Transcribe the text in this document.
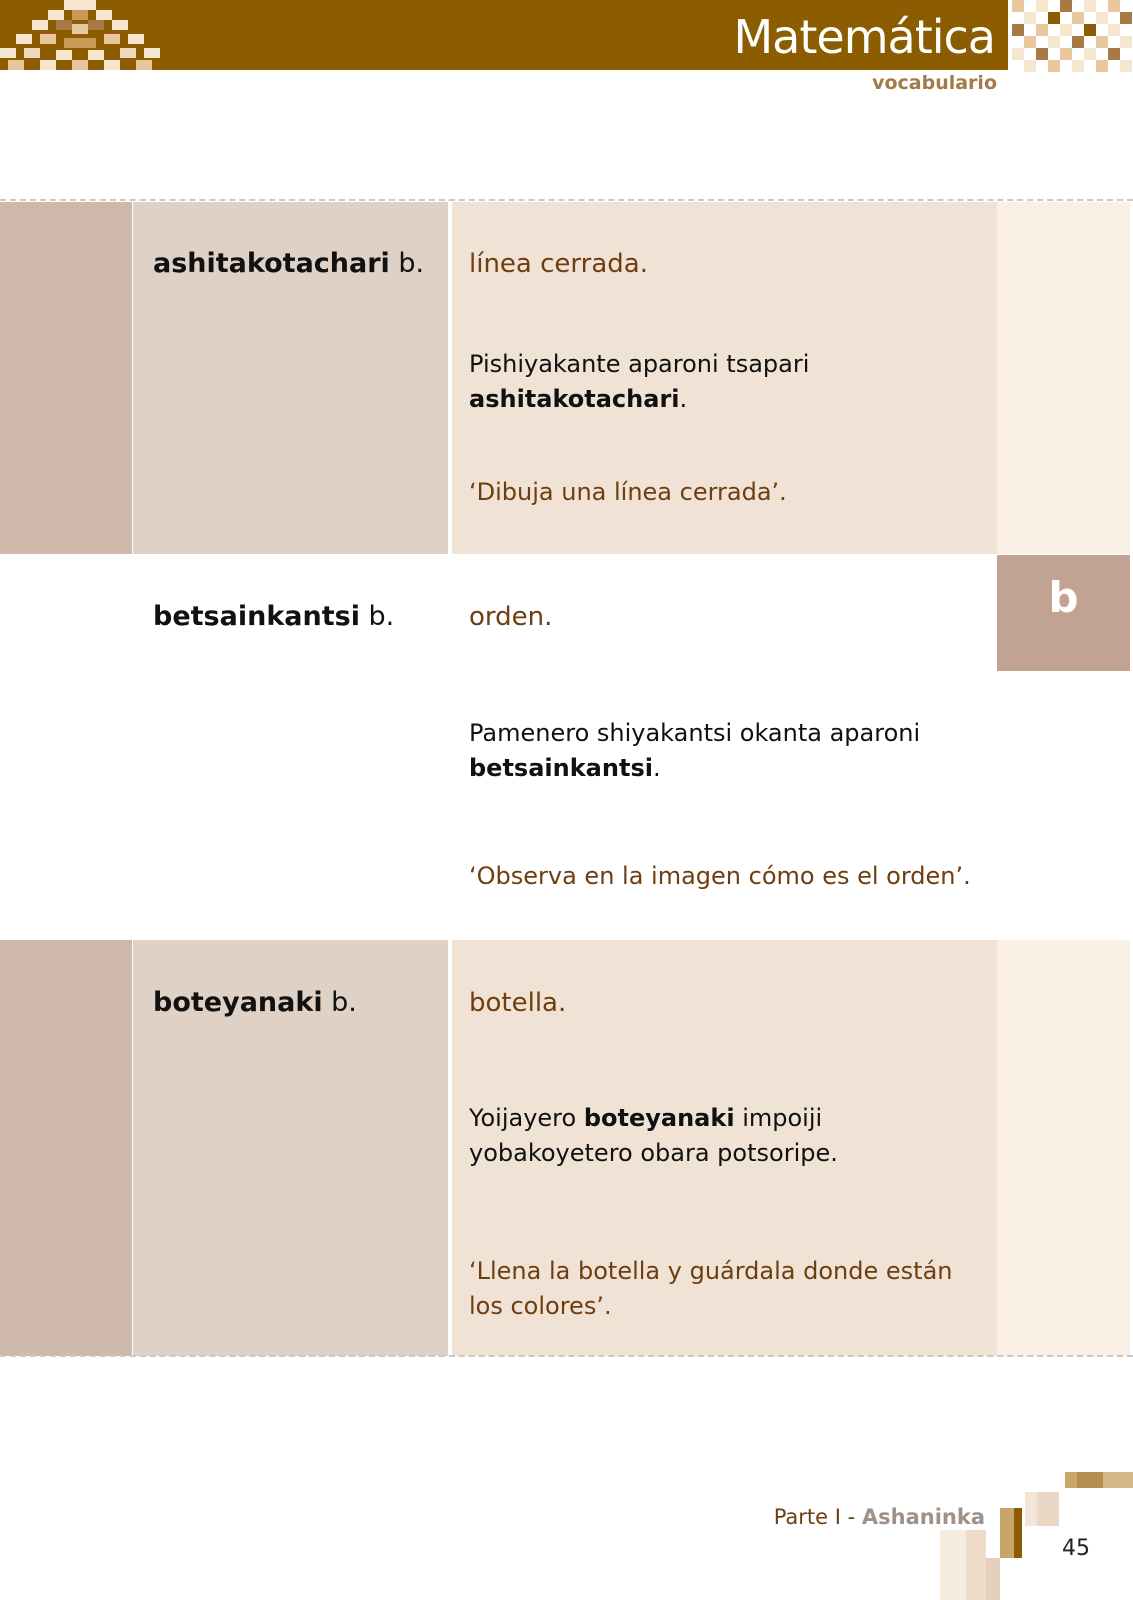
Matemática
vocabulario
b
ashitakotachari b. línea cerrada.
Pishiyakante aparoni tsapari ashitakotachari.
‘Dibuja una línea cerrada’.
betsainkantsi b.	orden.
Pamenero shiyakantsi okanta aparoni betsainkantsi.
‘Observa en la imagen cómo es el orden’.
boteyanaki b.	botella.
Yoijayero boteyanaki impoiji yobakoyetero obara potsoripe.
‘Llena la botella y guárdala donde están los colores’.
Parte I - Ashaninka
45
